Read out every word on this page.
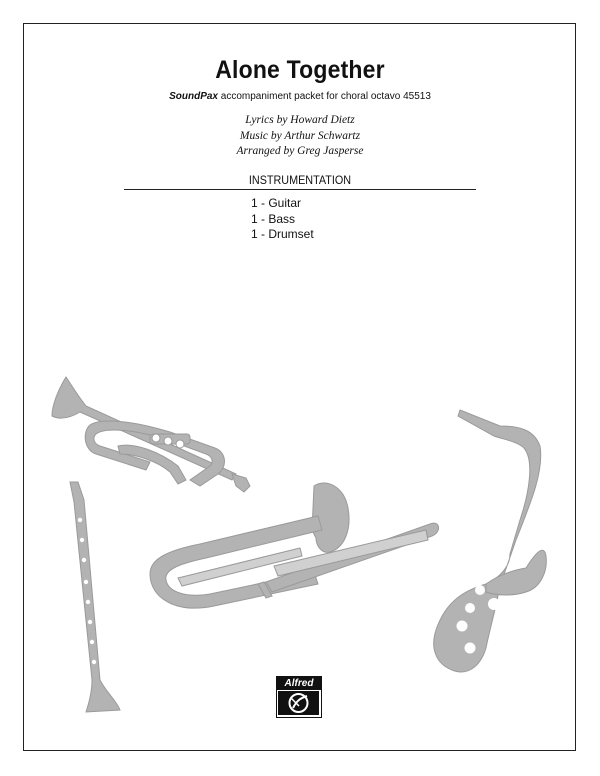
Alone Together
SoundPax accompaniment packet for choral octavo 45513
Lyrics by Howard Dietz
Music by Arthur Schwartz
Arranged by Greg Jasperse
INSTRUMENTATION
1 - Guitar
1 - Bass
1 - Drumset
Alfred
